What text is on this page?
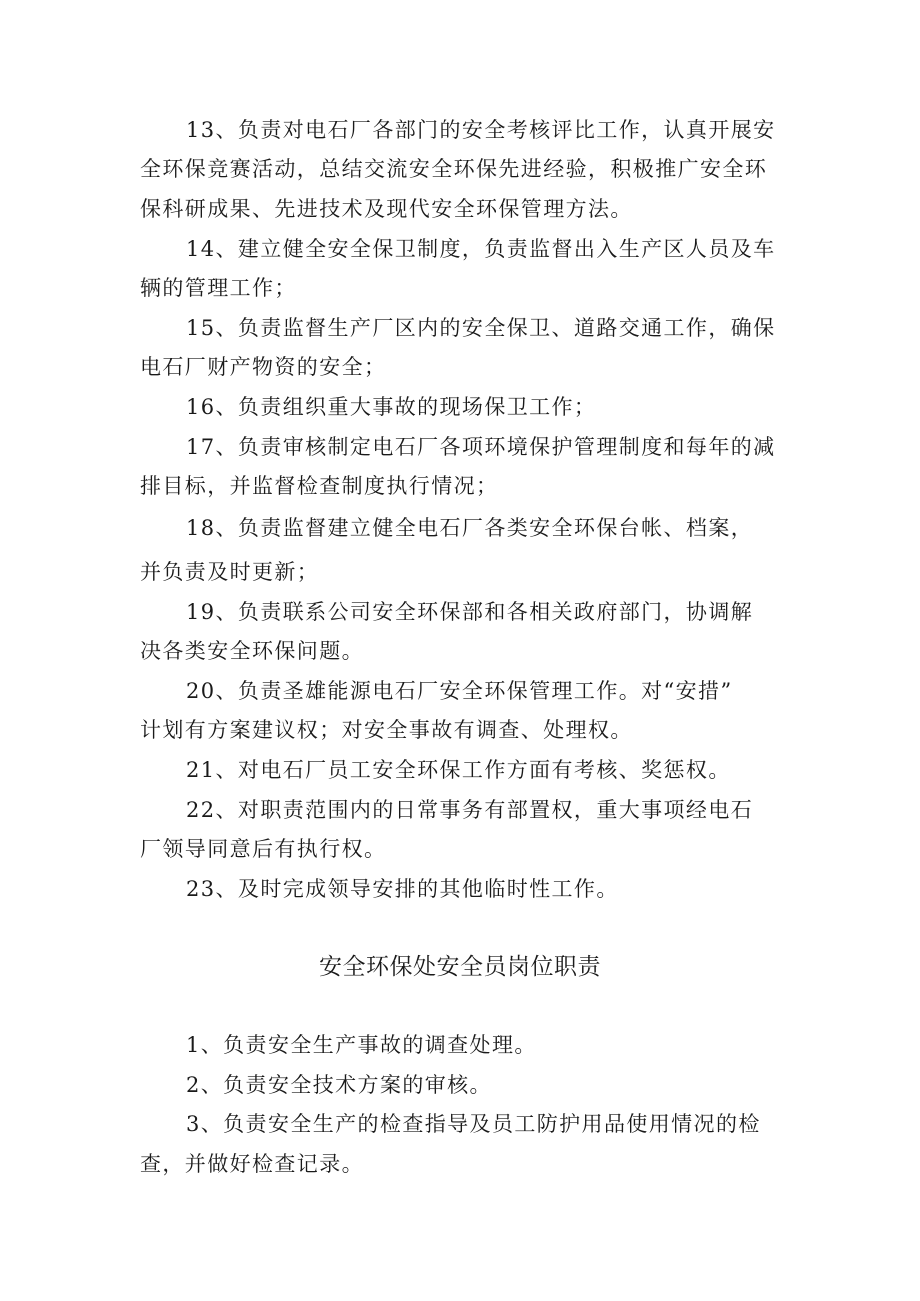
13、负责对电石厂各部门的安全考核评比工作，认真开展安
全环保竞赛活动，总结交流安全环保先进经验，积极推广安全环
保科研成果、先进技术及现代安全环保管理方法。
14、建立健全安全保卫制度，负责监督出入生产区人员及车
辆的管理工作；
15、负责监督生产厂区内的安全保卫、道路交通工作，确保
电石厂财产物资的安全；
16、负责组织重大事故的现场保卫工作；
17、负责审核制定电石厂各项环境保护管理制度和每年的减
排目标，并监督检查制度执行情况；
18、负责监督建立健全电石厂各类安全环保台帐、档案，
并负责及时更新；
19、负责联系公司安全环保部和各相关政府部门，协调解
决各类安全环保问题。
20、负责圣雄能源电石厂安全环保管理工作。对“安措”
计划有方案建议权；对安全事故有调查、处理权。
21、对电石厂员工安全环保工作方面有考核、奖惩权。
22、对职责范围内的日常事务有部置权，重大事项经电石
厂领导同意后有执行权。
23、及时完成领导安排的其他临时性工作。
安全环保处安全员岗位职责
1、负责安全生产事故的调查处理。
2、负责安全技术方案的审核。
3、负责安全生产的检查指导及员工防护用品使用情况的检
查，并做好检查记录。
